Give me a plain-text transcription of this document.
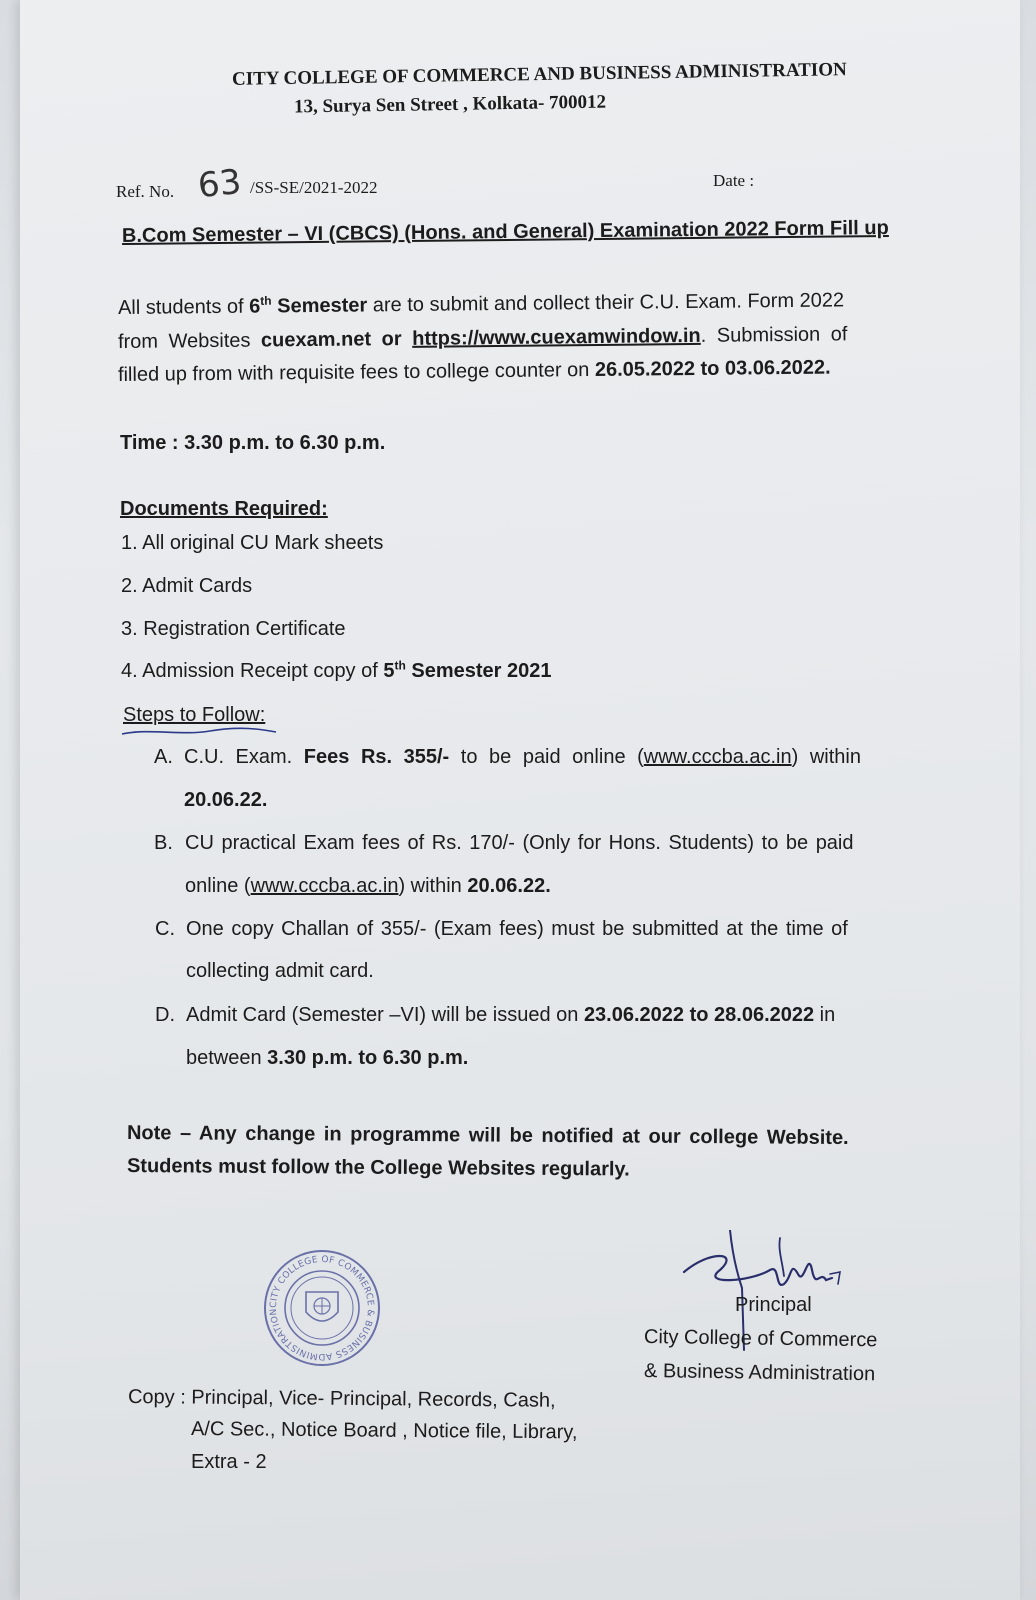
CITY COLLEGE OF COMMERCE AND BUSINESS ADMINISTRATION
13, Surya Sen Street , Kolkata- 700012
Ref. No. 63 /SS-SE/2021-2022	Date :
B.Com Semester – VI (CBCS) (Hons. and General) Examination 2022 Form Fill up
All students of 6th Semester are to submit and collect their C.U. Exam. Form 2022
from Websites cuexam.net or https://www.cuexamwindow.in. Submission of
filled up from with requisite fees to college counter on 26.05.2022 to 03.06.2022.
Time : 3.30 p.m. to 6.30 p.m.
Documents Required:
1. All original CU Mark sheets
2. Admit Cards
3. Registration Certificate
4. Admission Receipt copy of 5th Semester 2021
Steps to Follow:
A. C.U. Exam. Fees Rs. 355/- to be paid online (www.cccba.ac.in) within
20.06.22.
B. CU practical Exam fees of Rs. 170/- (Only for Hons. Students) to be paid
online (www.cccba.ac.in) within 20.06.22.
C. One copy Challan of 355/- (Exam fees) must be submitted at the time of
collecting admit card.
D. Admit Card (Semester –VI) will be issued on 23.06.2022 to 28.06.2022 in
between 3.30 p.m. to 6.30 p.m.
Note – Any change in programme will be notified at our college Website.
Students must follow the College Websites regularly.
CITY COLLEGE OF COMMERCE & BUSINESS ADMINISTRATION	Principal
City College of Commerce
& Business Administration
Copy : Principal, Vice- Principal, Records, Cash,
A/C Sec., Notice Board , Notice file, Library,
Extra - 2
